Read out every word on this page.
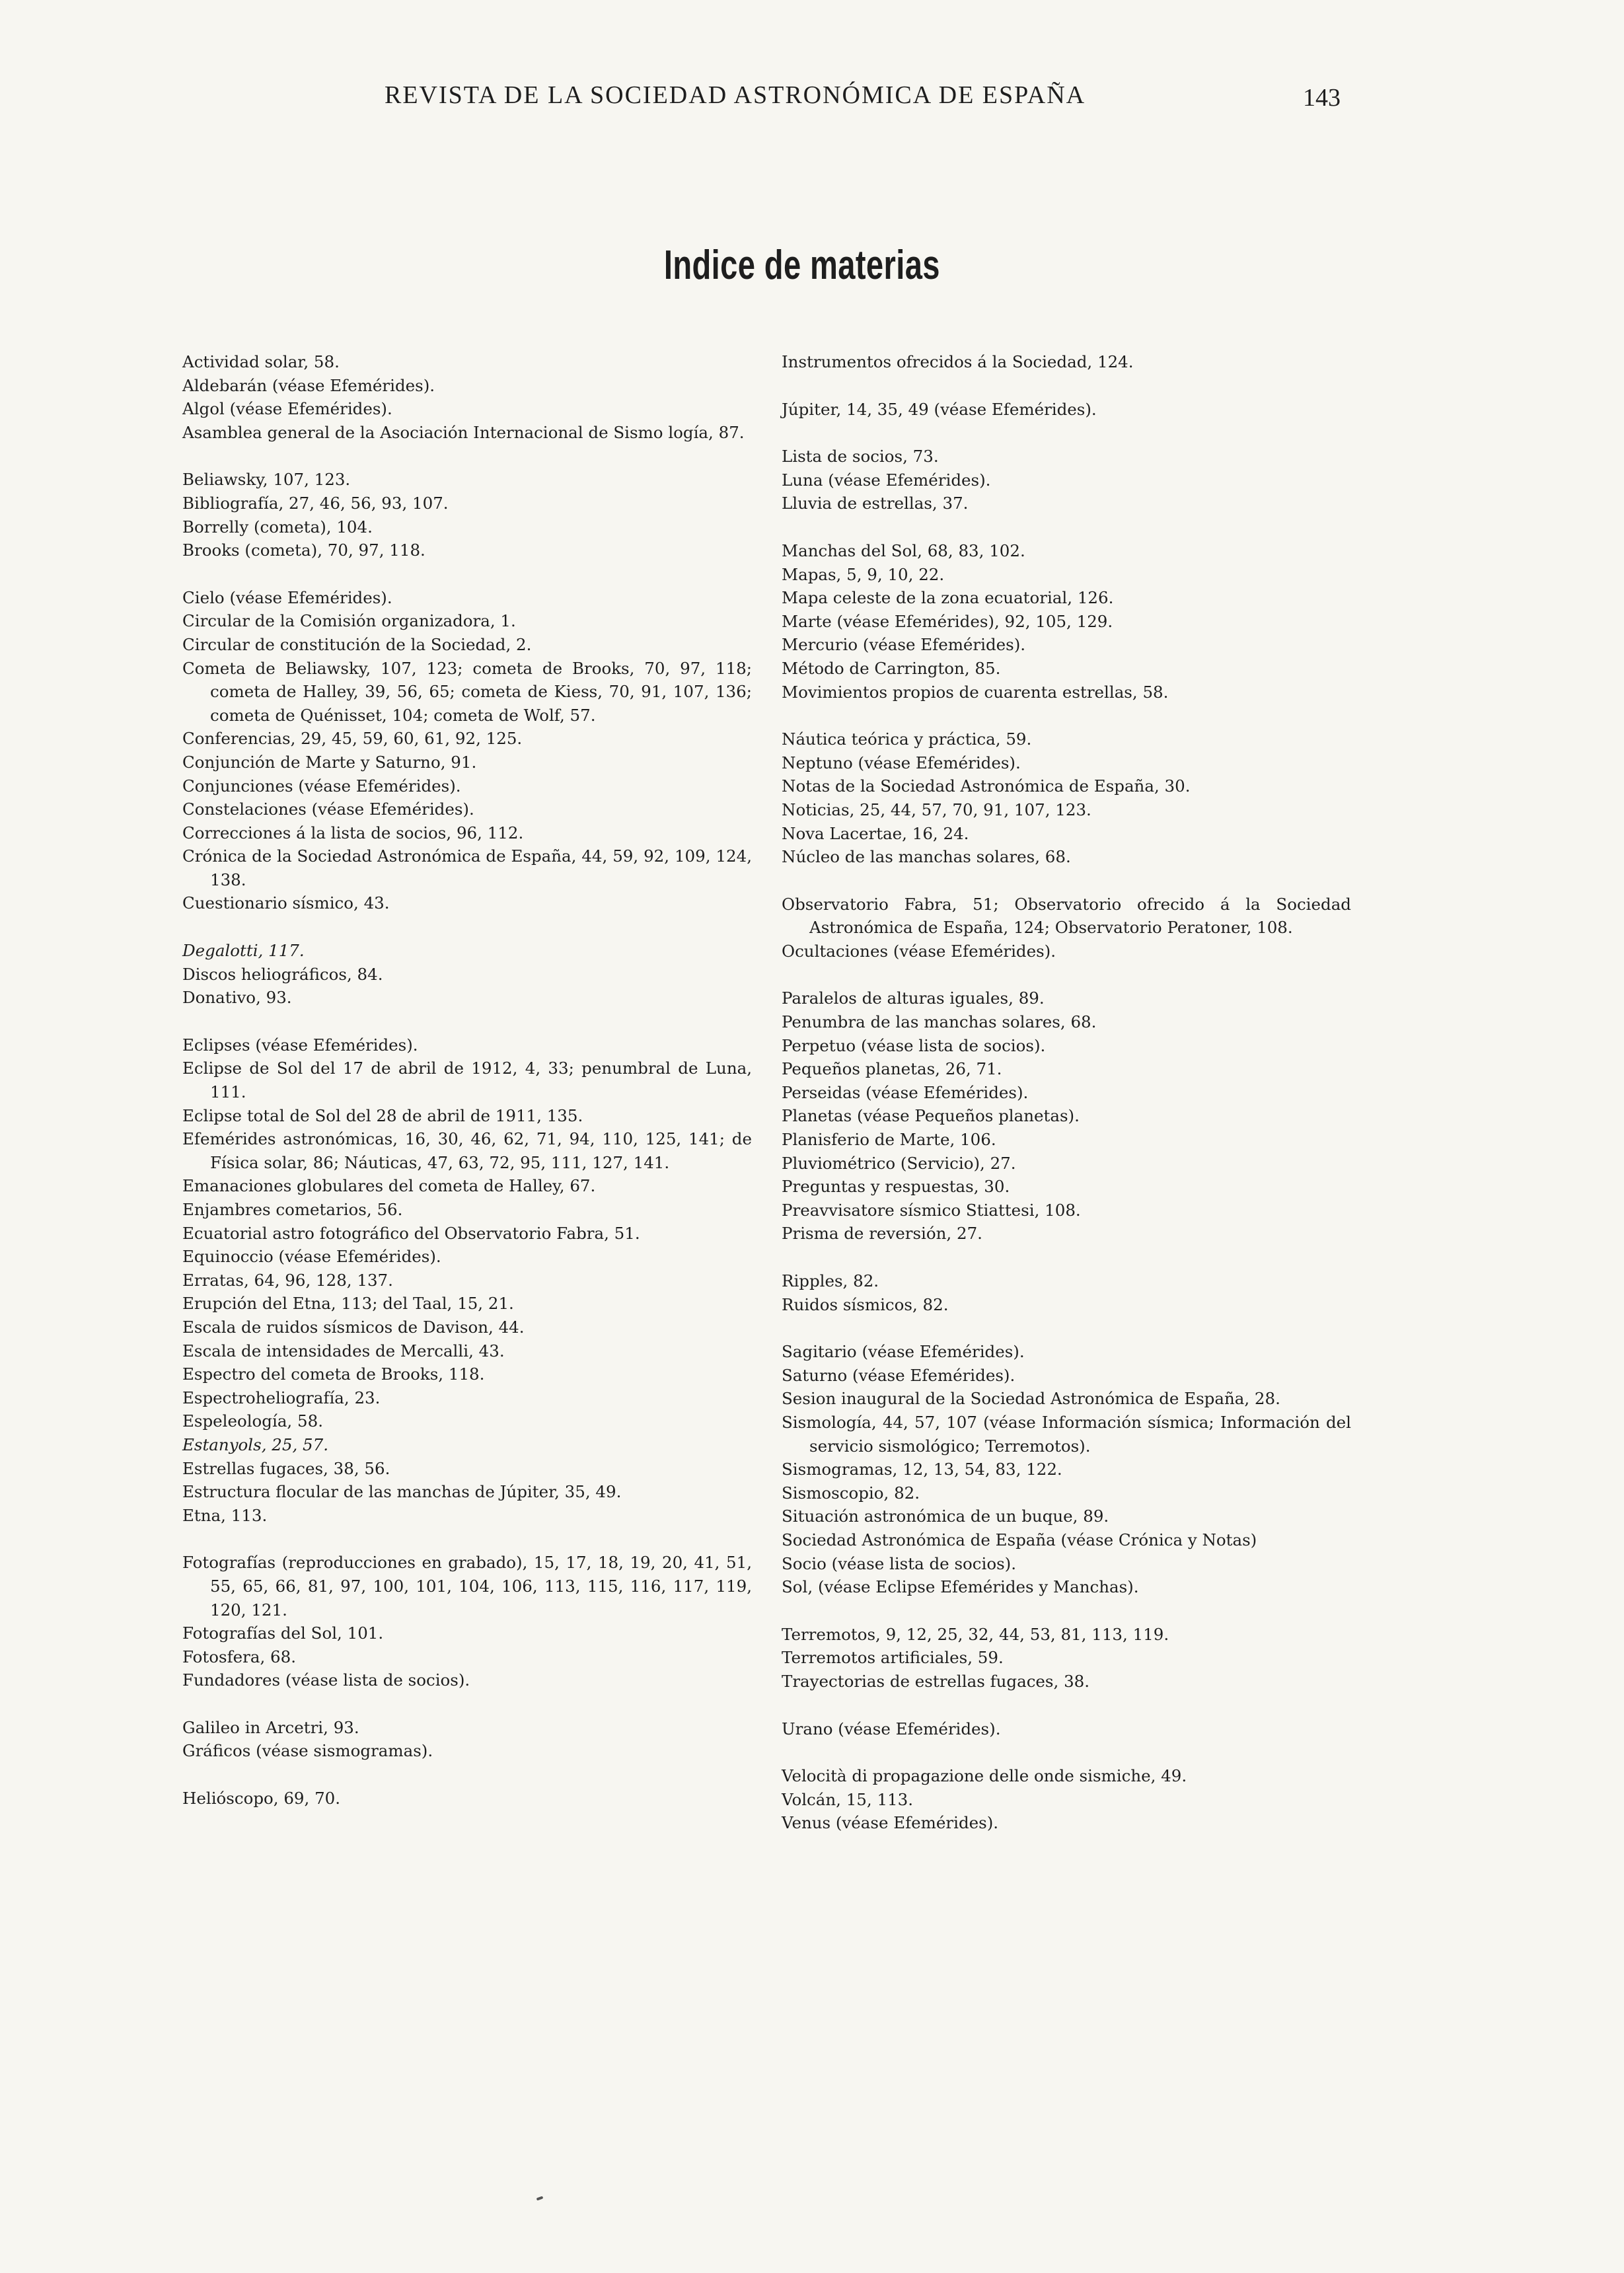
REVISTA DE LA SOCIEDAD ASTRONÓMICA DE ESPAÑA	143
Indice de materias
Actividad solar, 58.
Aldebarán (véase Efemérides).
Algol (véase Efemérides).
Asamblea general de la Asociación Internacional de Sismo logía, 87.
Beliawsky, 107, 123.
Bibliografía, 27, 46, 56, 93, 107.
Borrelly (cometa), 104.
Brooks (cometa), 70, 97, 118.
Cielo (véase Efemérides).
Circular de la Comisión organizadora, 1.
Circular de constitución de la Sociedad, 2.
Cometa de Beliawsky, 107, 123; cometa de Brooks, 70, 97, 118; cometa de Halley, 39, 56, 65; cometa de Kiess, 70, 91, 107, 136; cometa de Quénisset, 104; cometa de Wolf, 57.
Conferencias, 29, 45, 59, 60, 61, 92, 125.
Conjunción de Marte y Saturno, 91.
Conjunciones (véase Efemérides).
Constelaciones (véase Efemérides).
Correcciones á la lista de socios, 96, 112.
Crónica de la Sociedad Astronómica de España, 44, 59, 92, 109, 124, 138.
Cuestionario sísmico, 43.
Degalotti, 117.
Discos heliográficos, 84.
Donativo, 93.
Eclipses (véase Efemérides).
Eclipse de Sol del 17 de abril de 1912, 4, 33; penumbral de Luna, 111.
Eclipse total de Sol del 28 de abril de 1911, 135.
Efemérides astronómicas, 16, 30, 46, 62, 71, 94, 110, 125, 141; de Física solar, 86; Náuticas, 47, 63, 72, 95, 111, 127, 141.
Emanaciones globulares del cometa de Halley, 67.
Enjambres cometarios, 56.
Ecuatorial astro fotográfico del Observatorio Fabra, 51.
Equinoccio (véase Efemérides).
Erratas, 64, 96, 128, 137.
Erupción del Etna, 113; del Taal, 15, 21.
Escala de ruidos sísmicos de Davison, 44.
Escala de intensidades de Mercalli, 43.
Espectro del cometa de Brooks, 118.
Espectroheliografía, 23.
Espeleología, 58.
Estanyols, 25, 57.
Estrellas fugaces, 38, 56.
Estructura flocular de las manchas de Júpiter, 35, 49.
Etna, 113.
Fotografías (reproducciones en grabado), 15, 17, 18, 19, 20, 41, 51, 55, 65, 66, 81, 97, 100, 101, 104, 106, 113, 115, 116, 117, 119, 120, 121.
Fotografías del Sol, 101.
Fotosfera, 68.
Fundadores (véase lista de socios).
Galileo in Arcetri, 93.
Gráficos (véase sismogramas).
Helióscopo, 69, 70.
Instrumentos ofrecidos á la Sociedad, 124.
Júpiter, 14, 35, 49 (véase Efemérides).
Lista de socios, 73.
Luna (véase Efemérides).
Lluvia de estrellas, 37.
Manchas del Sol, 68, 83, 102.
Mapas, 5, 9, 10, 22.
Mapa celeste de la zona ecuatorial, 126.
Marte (véase Efemérides), 92, 105, 129.
Mercurio (véase Efemérides).
Método de Carrington, 85.
Movimientos propios de cuarenta estrellas, 58.
Náutica teórica y práctica, 59.
Neptuno (véase Efemérides).
Notas de la Sociedad Astronómica de España, 30.
Noticias, 25, 44, 57, 70, 91, 107, 123.
Nova Lacertae, 16, 24.
Núcleo de las manchas solares, 68.
Observatorio Fabra, 51; Observatorio ofrecido á la Sociedad Astronómica de España, 124; Observatorio Peratoner, 108.
Ocultaciones (véase Efemérides).
Paralelos de alturas iguales, 89.
Penumbra de las manchas solares, 68.
Perpetuo (véase lista de socios).
Pequeños planetas, 26, 71.
Perseidas (véase Efemérides).
Planetas (véase Pequeños planetas).
Planisferio de Marte, 106.
Pluviométrico (Servicio), 27.
Preguntas y respuestas, 30.
Preavvisatore sísmico Stiattesi, 108.
Prisma de reversión, 27.
Ripples, 82.
Ruidos sísmicos, 82.
Sagitario (véase Efemérides).
Saturno (véase Efemérides).
Sesion inaugural de la Sociedad Astronómica de España, 28.
Sismología, 44, 57, 107 (véase Información sísmica; Información del servicio sismológico; Terremotos).
Sismogramas, 12, 13, 54, 83, 122.
Sismoscopio, 82.
Situación astronómica de un buque, 89.
Sociedad Astronómica de España (véase Crónica y Notas)
Socio (véase lista de socios).
Sol, (véase Eclipse Efemérides y Manchas).
Terremotos, 9, 12, 25, 32, 44, 53, 81, 113, 119.
Terremotos artificiales, 59.
Trayectorias de estrellas fugaces, 38.
Urano (véase Efemérides).
Velocità di propagazione delle onde sismiche, 49.
Volcán, 15, 113.
Venus (véase Efemérides).
